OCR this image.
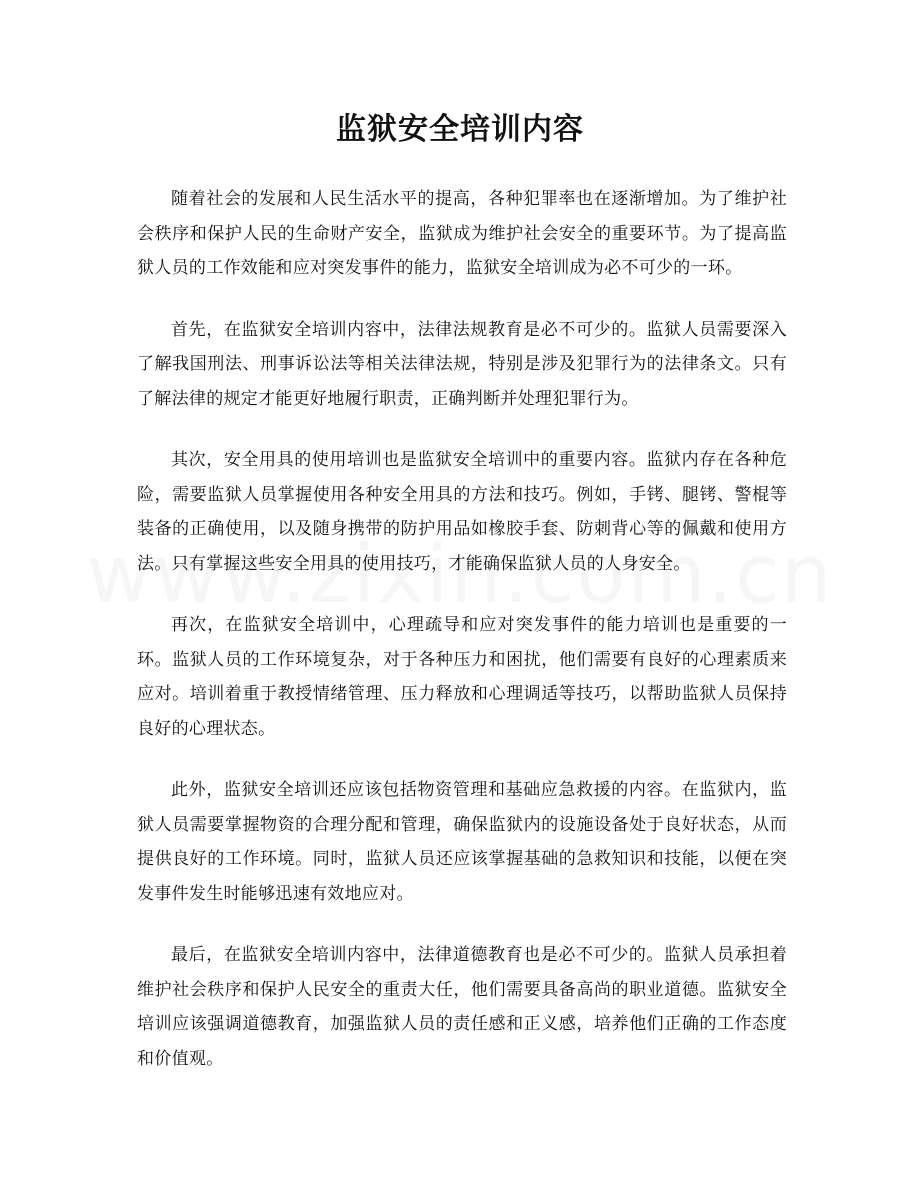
监狱安全培训内容

随着社会的发展和人民生活水平的提高，各种犯罪率也在逐渐增加。为了维护社会秩序和保护人民的生命财产安全，监狱成为维护社会安全的重要环节。为了提高监狱人员的工作效能和应对突发事件的能力，监狱安全培训成为必不可少的一环。

首先，在监狱安全培训内容中，法律法规教育是必不可少的。监狱人员需要深入了解我国刑法、刑事诉讼法等相关法律法规，特别是涉及犯罪行为的法律条文。只有了解法律的规定才能更好地履行职责，正确判断并处理犯罪行为。

其次，安全用具的使用培训也是监狱安全培训中的重要内容。监狱内存在各种危险，需要监狱人员掌握使用各种安全用具的方法和技巧。例如，手铐、腿铐、警棍等装备的正确使用，以及随身携带的防护用品如橡胶手套、防刺背心等的佩戴和使用方法。只有掌握这些安全用具的使用技巧，才能确保监狱人员的人身安全。

再次，在监狱安全培训中，心理疏导和应对突发事件的能力培训也是重要的一环。监狱人员的工作环境复杂，对于各种压力和困扰，他们需要有良好的心理素质来应对。培训着重于教授情绪管理、压力释放和心理调适等技巧，以帮助监狱人员保持良好的心理状态。

此外，监狱安全培训还应该包括物资管理和基础应急救援的内容。在监狱内，监狱人员需要掌握物资的合理分配和管理，确保监狱内的设施设备处于良好状态，从而提供良好的工作环境。同时，监狱人员还应该掌握基础的急救知识和技能，以便在突发事件发生时能够迅速有效地应对。

最后，在监狱安全培训内容中，法律道德教育也是必不可少的。监狱人员承担着维护社会秩序和保护人民安全的重责大任，他们需要具备高尚的职业道德。监狱安全培训应该强调道德教育，加强监狱人员的责任感和正义感，培养他们正确的工作态度和价值观。
